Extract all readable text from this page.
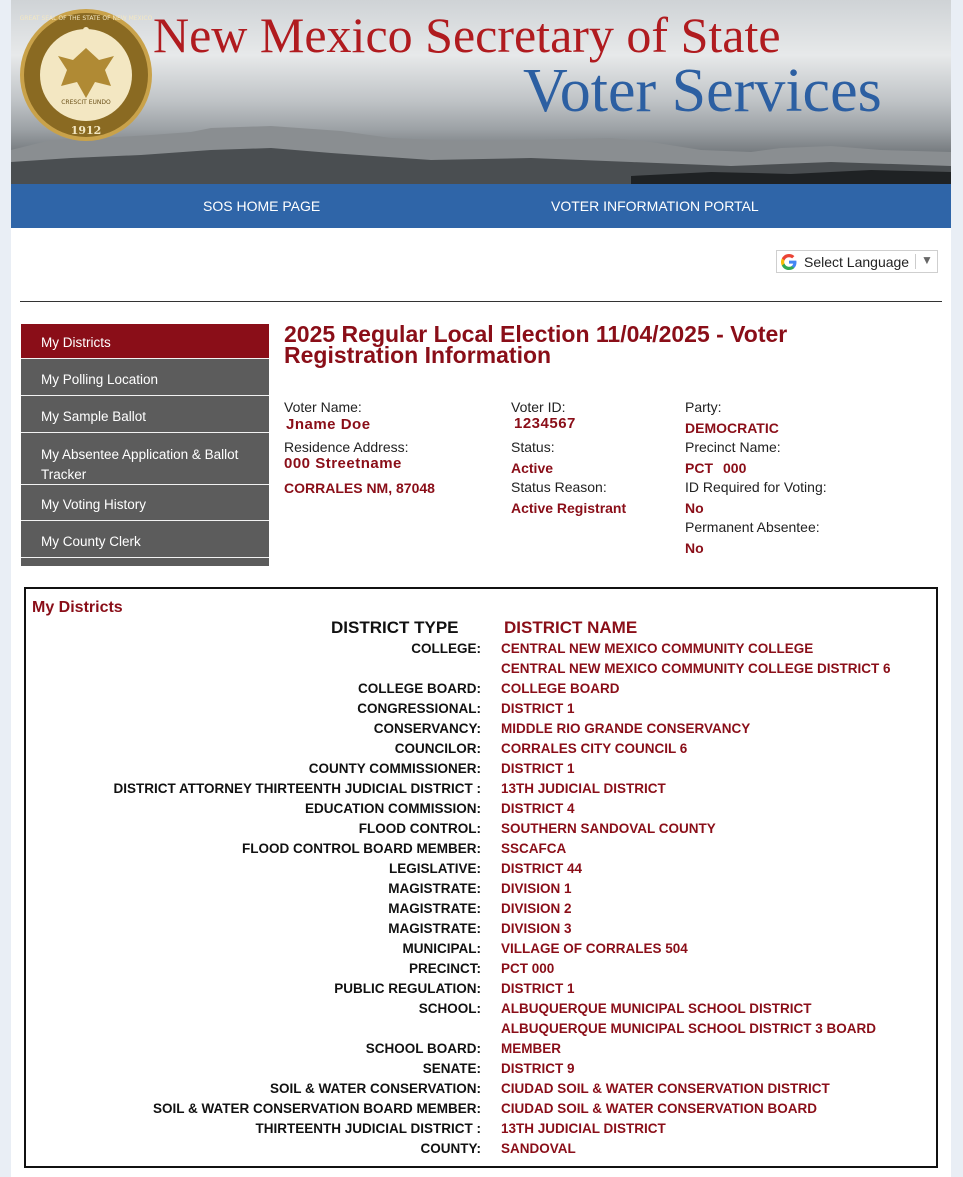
1912
CRESCIT EUNDO
GREAT SEAL OF THE STATE OF NEW MEXICO New Mexico Secretary of State
Voter Services
SOS HOME PAGE	VOTER INFORMATION PORTAL
Select Language ▼
My Districts
My Polling Location
My Sample Ballot
My Absentee Application & Ballot Tracker
My Voting History
My County Clerk
2025 Regular Local Election 11/04/2025 - Voter Registration Information
Voter Name:
Jname Doe
Residence Address:
000 Streetname
CORRALES NM, 87048
Voter ID:
1234567
Status:
Active
Status Reason:
Active Registrant
Party:
DEMOCRATIC
Precinct Name:
PCT 000
ID Required for Voting:
No
Permanent Absentee:
No
My Districts
DISTRICT TYPE	DISTRICT NAME
COLLEGE: CENTRAL NEW MEXICO COMMUNITY COLLEGE
CENTRAL NEW MEXICO COMMUNITY COLLEGE DISTRICT 6
COLLEGE BOARD: COLLEGE BOARD
CONGRESSIONAL: DISTRICT 1
CONSERVANCY: MIDDLE RIO GRANDE CONSERVANCY
COUNCILOR: CORRALES CITY COUNCIL 6
COUNTY COMMISSIONER: DISTRICT 1
DISTRICT ATTORNEY THIRTEENTH JUDICIAL DISTRICT : 13TH JUDICIAL DISTRICT
EDUCATION COMMISSION: DISTRICT 4
FLOOD CONTROL: SOUTHERN SANDOVAL COUNTY
FLOOD CONTROL BOARD MEMBER: SSCAFCA
LEGISLATIVE: DISTRICT 44
MAGISTRATE: DIVISION 1
MAGISTRATE: DIVISION 2
MAGISTRATE: DIVISION 3
MUNICIPAL: VILLAGE OF CORRALES 504
PRECINCT: PCT 000
PUBLIC REGULATION: DISTRICT 1
SCHOOL: ALBUQUERQUE MUNICIPAL SCHOOL DISTRICT
ALBUQUERQUE MUNICIPAL SCHOOL DISTRICT 3 BOARD
SCHOOL BOARD: MEMBER
SENATE: DISTRICT 9
SOIL & WATER CONSERVATION: CIUDAD SOIL & WATER CONSERVATION DISTRICT
SOIL & WATER CONSERVATION BOARD MEMBER: CIUDAD SOIL & WATER CONSERVATION BOARD
THIRTEENTH JUDICIAL DISTRICT : 13TH JUDICIAL DISTRICT
COUNTY: SANDOVAL
